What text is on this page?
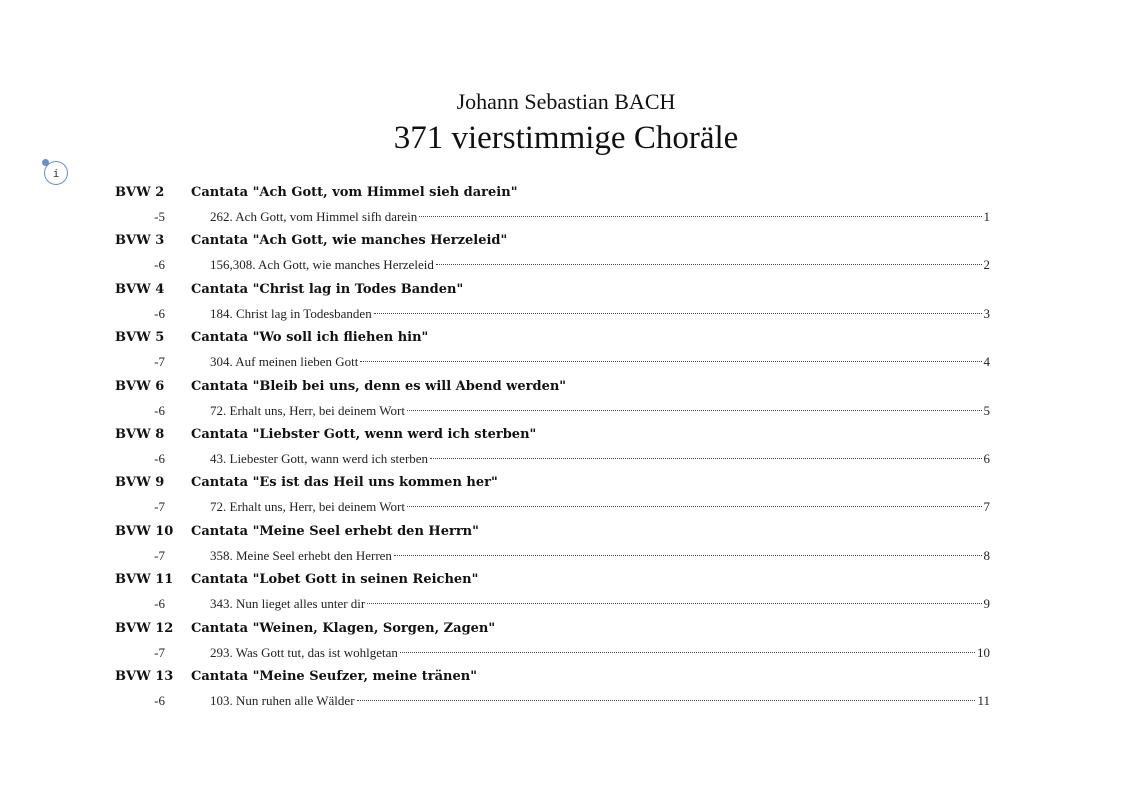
Johann Sebastian BACH
371 vierstimmige Choräle
i
BVW 2 Cantata "Ach Gott, vom Himmel sieh darein"
-5	262. Ach Gott, vom Himmel sifh darein	1
BVW 3 Cantata "Ach Gott, wie manches Herzeleid"
-6	156,308. Ach Gott, wie manches Herzeleid	2
BVW 4 Cantata "Christ lag in Todes Banden"
-6	184. Christ lag in Todesbanden	3
BVW 5 Cantata "Wo soll ich fliehen hin"
-7	304. Auf meinen lieben Gott	4
BVW 6 Cantata "Bleib bei uns, denn es will Abend werden"
-6	72. Erhalt uns, Herr, bei deinem Wort	5
BVW 8 Cantata "Liebster Gott, wenn werd ich sterben"
-6	43. Liebester Gott, wann werd ich sterben	6
BVW 9 Cantata "Es ist das Heil uns kommen her"
-7	72. Erhalt uns, Herr, bei deinem Wort	7
BVW 10 Cantata "Meine Seel erhebt den Herrn"
-7	358. Meine Seel erhebt den Herren	8
BVW 11 Cantata "Lobet Gott in seinen Reichen"
-6	343. Nun lieget alles unter dir	9
BVW 12 Cantata "Weinen, Klagen, Sorgen, Zagen"
-7	293. Was Gott tut, das ist wohlgetan	10
BVW 13 Cantata "Meine Seufzer, meine tränen"
-6	103. Nun ruhen alle Wälder	11
